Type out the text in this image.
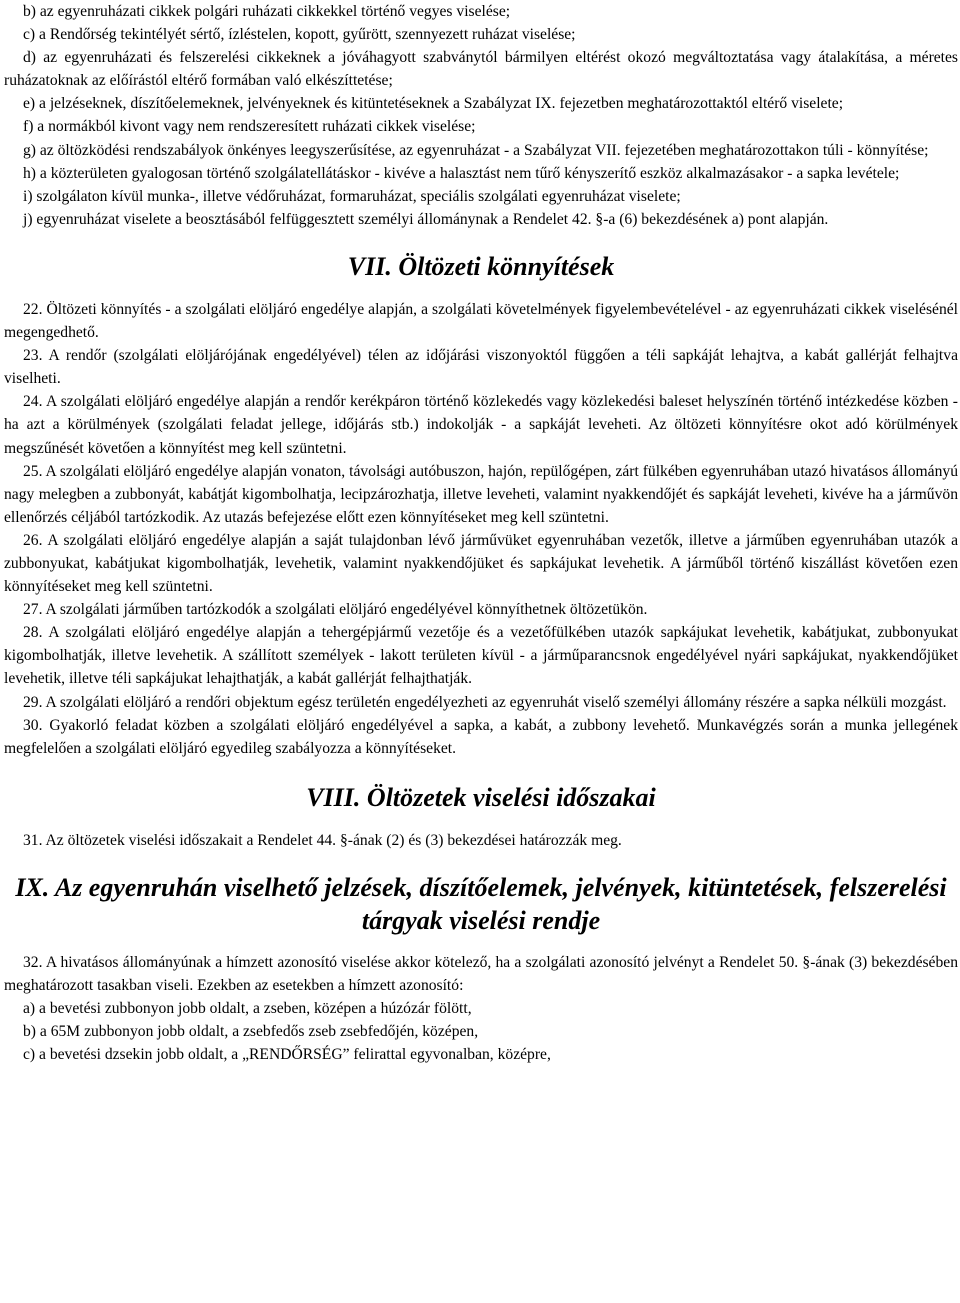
b) az egyenruházati cikkek polgári ruházati cikkekkel történő vegyes viselése;

c) a Rendőrség tekintélyét sértő, ízléstelen, kopott, gyűrött, szennyezett ruházat viselése;

d) az egyenruházati és felszerelési cikkeknek a jóváhagyott szabványtól bármilyen eltérést okozó megváltoztatása vagy átalakítása, a méretes ruházatoknak az előírástól eltérő formában való elkészíttetése;

e) a jelzéseknek, díszítőelemeknek, jelvényeknek és kitüntetéseknek a Szabályzat IX. fejezetben meghatározottaktól eltérő viselete;

f) a normákból kivont vagy nem rendszeresített ruházati cikkek viselése;

g) az öltözködési rendszabályok önkényes leegyszerűsítése, az egyenruházat - a Szabályzat VII. fejezetében meghatározottakon túli - könnyítése;

h) a közterületen gyalogosan történő szolgálatellátáskor - kivéve a halasztást nem tűrő kényszerítő eszköz alkalmazásakor - a sapka levétele;

i) szolgálaton kívül munka-, illetve védőruházat, formaruházat, speciális szolgálati egyenruházat viselete;

j) egyenruházat viselete a beosztásából felfüggesztett személyi állománynak a Rendelet 42. §-a (6) bekezdésének a) pont alapján.

VII. Öltözeti könnyítések

22. Öltözeti könnyítés - a szolgálati elöljáró engedélye alapján, a szolgálati követelmények figyelembevételével - az egyenruházati cikkek viselésénél megengedhető.

23. A rendőr (szolgálati elöljárójának engedélyével) télen az időjárási viszonyoktól függően a téli sapkáját lehajtva, a kabát gallérját felhajtva viselheti.

24. A szolgálati elöljáró engedélye alapján a rendőr kerékpáron történő közlekedés vagy közlekedési baleset helyszínén történő intézkedése közben - ha azt a körülmények (szolgálati feladat jellege, időjárás stb.) indokolják - a sapkáját leveheti. Az öltözeti könnyítésre okot adó körülmények megszűnését követően a könnyítést meg kell szüntetni.

25. A szolgálati elöljáró engedélye alapján vonaton, távolsági autóbuszon, hajón, repülőgépen, zárt fülkében egyenruhában utazó hivatásos állományú nagy melegben a zubbonyát, kabátját kigombolhatja, lecipzározhatja, illetve leveheti, valamint nyakkendőjét és sapkáját leveheti, kivéve ha a járművön ellenőrzés céljából tartózkodik. Az utazás befejezése előtt ezen könnyítéseket meg kell szüntetni.

26. A szolgálati elöljáró engedélye alapján a saját tulajdonban lévő járművüket egyenruhában vezetők, illetve a járműben egyenruhában utazók a zubbonyukat, kabátjukat kigombolhatják, levehetik, valamint nyakkendőjüket és sapkájukat levehetik. A járműből történő kiszállást követően ezen könnyítéseket meg kell szüntetni.

27. A szolgálati járműben tartózkodók a szolgálati elöljáró engedélyével könnyíthetnek öltözetükön.

28. A szolgálati elöljáró engedélye alapján a tehergépjármű vezetője és a vezetőfülkében utazók sapkájukat levehetik, kabátjukat, zubbonyukat kigombolhatják, illetve levehetik. A szállított személyek - lakott területen kívül - a járműparancsnok engedélyével nyári sapkájukat, nyakkendőjüket levehetik, illetve téli sapkájukat lehajthatják, a kabát gallérját felhajthatják.

29. A szolgálati elöljáró a rendőri objektum egész területén engedélyezheti az egyenruhát viselő személyi állomány részére a sapka nélküli mozgást.

30. Gyakorló feladat közben a szolgálati elöljáró engedélyével a sapka, a kabát, a zubbony levehető. Munkavégzés során a munka jellegének megfelelően a szolgálati elöljáró egyedileg szabályozza a könnyítéseket.

VIII. Öltözetek viselési időszakai

31. Az öltözetek viselési időszakait a Rendelet 44. §-ának (2) és (3) bekezdései határozzák meg.

IX. Az egyenruhán viselhető jelzések, díszítőelemek, jelvények, kitüntetések, felszerelési tárgyak viselési rendje

32. A hivatásos állományúnak a hímzett azonosító viselése akkor kötelező, ha a szolgálati azonosító jelvényt a Rendelet 50. §-ának (3) bekezdésében meghatározott tasakban viseli. Ezekben az esetekben a hímzett azonosító:

a) a bevetési zubbonyon jobb oldalt, a zseben, középen a húzózár fölött,

b) a 65M zubbonyon jobb oldalt, a zsebfedős zseb zsebfedőjén, középen,

c) a bevetési dzsekin jobb oldalt, a „RENDŐRSÉG” felirattal egyvonalban, középre,
